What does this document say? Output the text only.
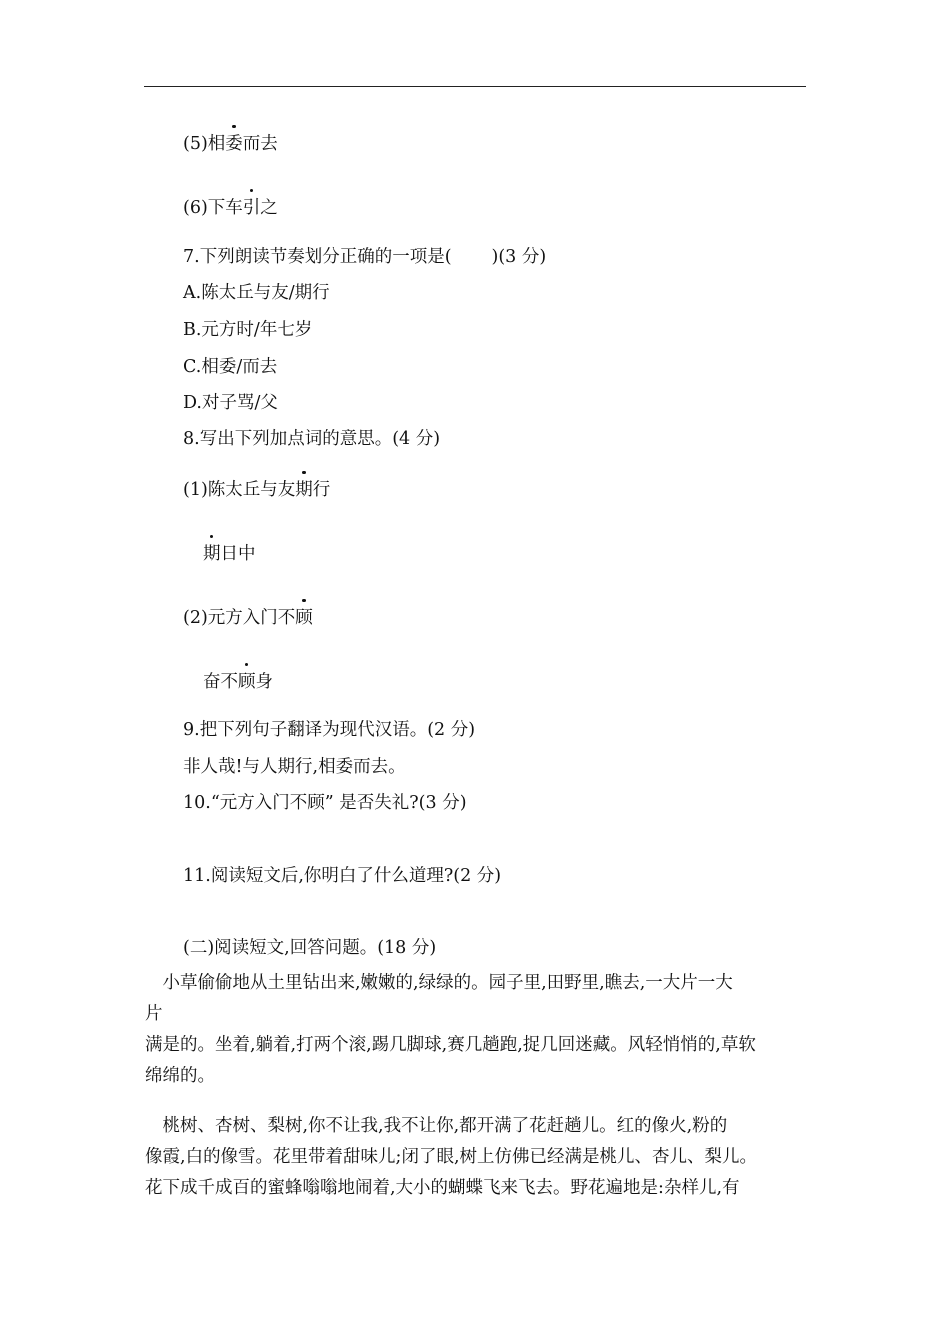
(5)相委而去
(6)下车引之
7.下列朗读节奏划分正确的一项是( )(3 分)
A.陈太丘与友/期行
B.元方时/年七岁
C.相委/而去
D.对子骂/父
8.写出下列加点词的意思。(4 分)
(1)陈太丘与友期行
期日中
(2)元方入门不顾
奋不顾身
9.把下列句子翻译为现代汉语。(2 分)
非人哉!与人期行,相委而去。
10.“元方入门不顾” 是否失礼?(3 分)
11.阅读短文后,你明白了什么道理?(2 分)
(二)阅读短文,回答问题。(18 分)
　小草偷偷地从土里钻出来,嫩嫩的,绿绿的。园子里,田野里,瞧去,一大片一大
片
满是的。坐着,躺着,打两个滚,踢几脚球,赛几趟跑,捉几回迷藏。风轻悄悄的,草软
绵绵的。
　桃树、杏树、梨树,你不让我,我不让你,都开满了花赶趟儿。红的像火,粉的
像霞,白的像雪。花里带着甜味儿;闭了眼,树上仿佛已经满是桃儿、杏儿、梨儿。
花下成千成百的蜜蜂嗡嗡地闹着,大小的蝴蝶飞来飞去。野花遍地是:杂样儿,有
